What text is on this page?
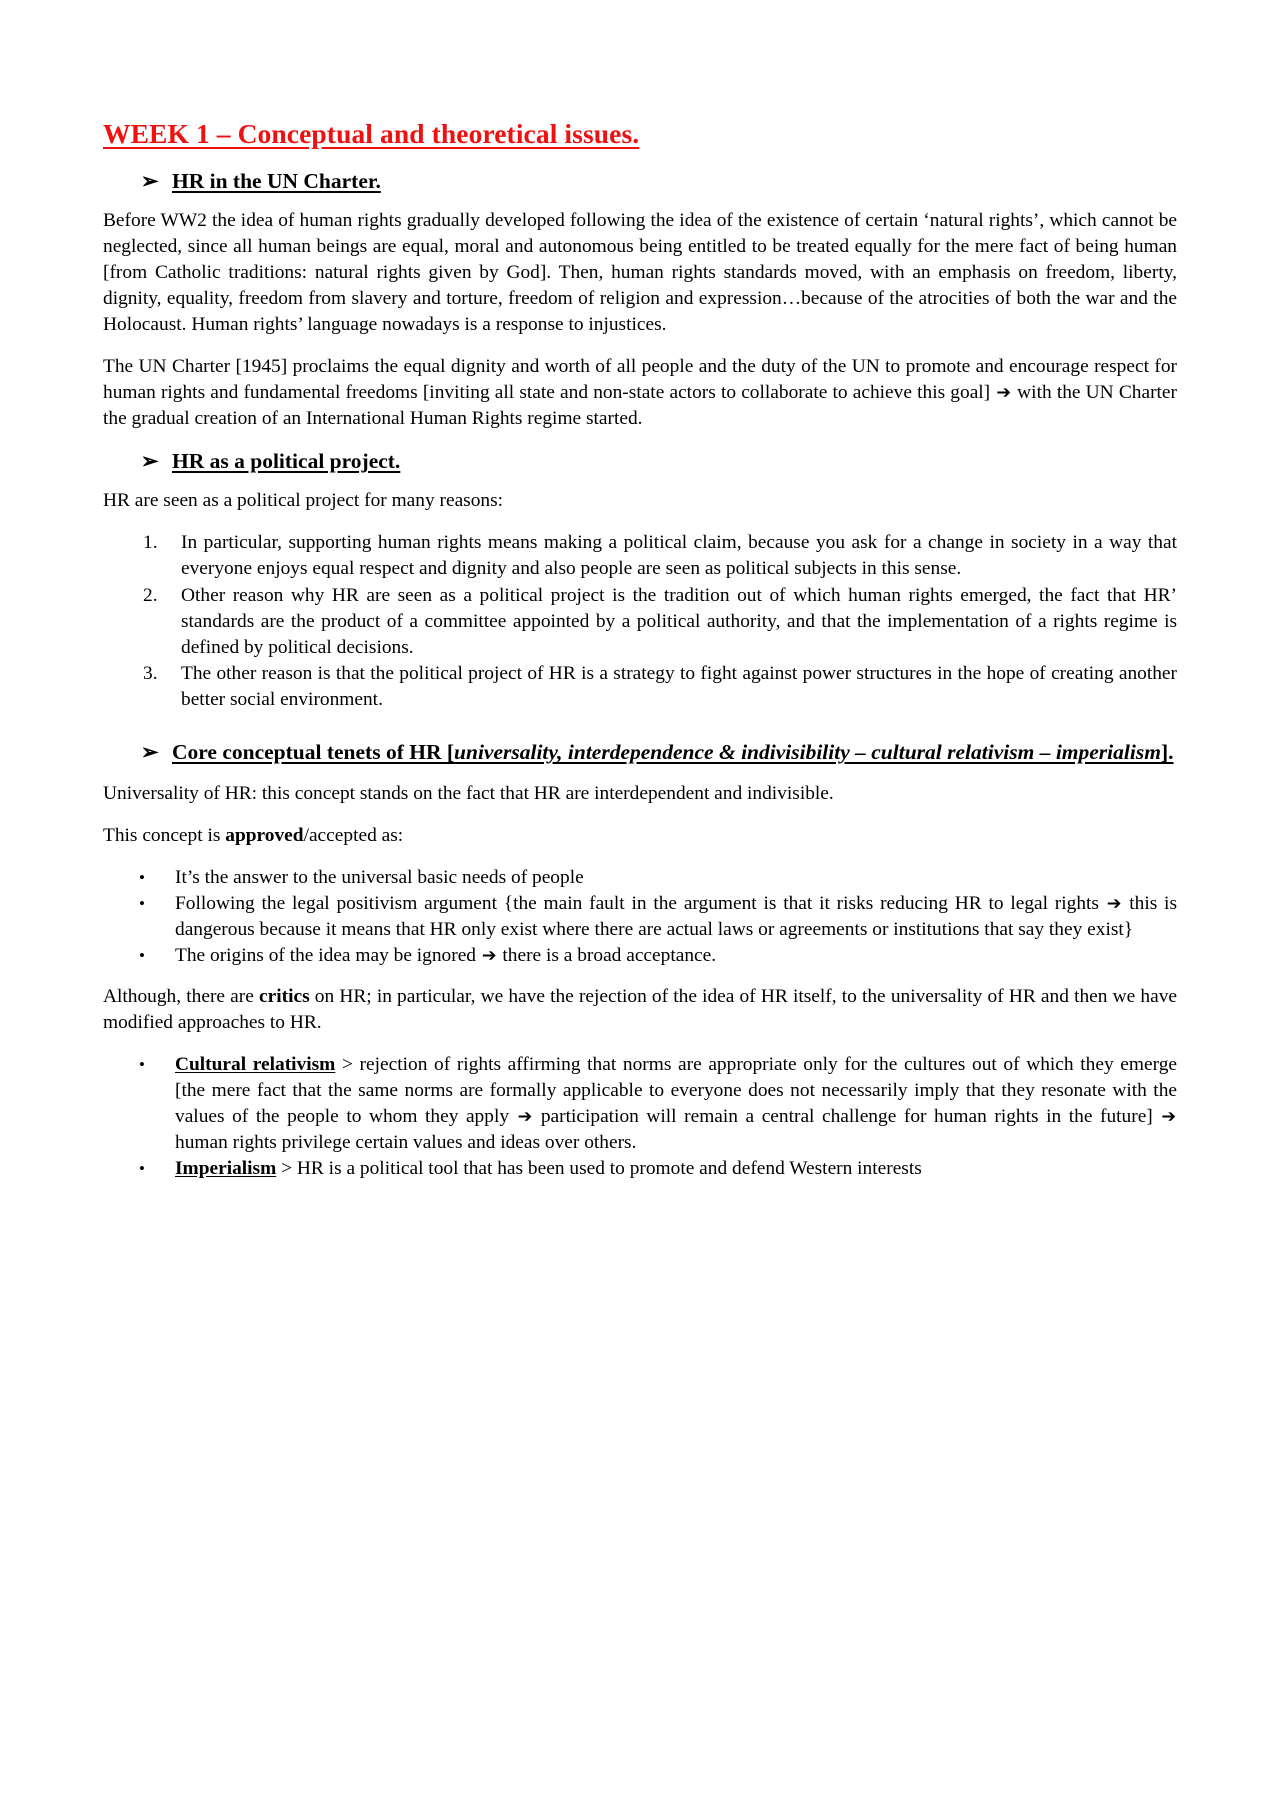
WEEK 1 – Conceptual and theoretical issues.
➢ HR in the UN Charter.

Before WW2 the idea of human rights gradually developed following the idea of the existence of certain ‘natural rights’, which cannot be neglected, since all human beings are equal, moral and autonomous being entitled to be treated equally for the mere fact of being human [from Catholic traditions: natural rights given by God]. Then, human rights standards moved, with an emphasis on freedom, liberty, dignity, equality, freedom from slavery and torture, freedom of religion and expression…because of the atrocities of both the war and the Holocaust. Human rights’ language nowadays is a response to injustices.

The UN Charter [1945] proclaims the equal dignity and worth of all people and the duty of the UN to promote and encourage respect for human rights and fundamental freedoms [inviting all state and non-state actors to collaborate to achieve this goal] ➔ with the UN Charter the gradual creation of an International Human Rights regime started.

➢ HR as a political project.

HR are seen as a political project for many reasons:

In particular, supporting human rights means making a political claim, because you ask for a change in society in a way that everyone enjoys equal respect and dignity and also people are seen as political subjects in this sense.
Other reason why HR are seen as a political project is the tradition out of which human rights emerged, the fact that HR’ standards are the product of a committee appointed by a political authority, and that the implementation of a rights regime is defined by political decisions.
The other reason is that the political project of HR is a strategy to fight against power structures in the hope of creating another better social environment.
➢ Core conceptual tenets of HR [universality, interdependence & indivisibility – cultural relativism – imperialism].

Universality of HR: this concept stands on the fact that HR are interdependent and indivisible.

This concept is approved/accepted as:

• It’s the answer to the universal basic needs of people
• Following the legal positivism argument {the main fault in the argument is that it risks reducing HR to legal rights ➔ this is dangerous because it means that HR only exist where there are actual laws or agreements or institutions that say they exist}
• The origins of the idea may be ignored ➔ there is a broad acceptance.

Although, there are critics on HR; in particular, we have the rejection of the idea of HR itself, to the universality of HR and then we have modified approaches to HR.

• Cultural relativism > rejection of rights affirming that norms are appropriate only for the cultures out of which they emerge [the mere fact that the same norms are formally applicable to everyone does not necessarily imply that they resonate with the values of the people to whom they apply ➔ participation will remain a central challenge for human rights in the future] ➔ human rights privilege certain values and ideas over others.
• Imperialism > HR is a political tool that has been used to promote and defend Western interests
